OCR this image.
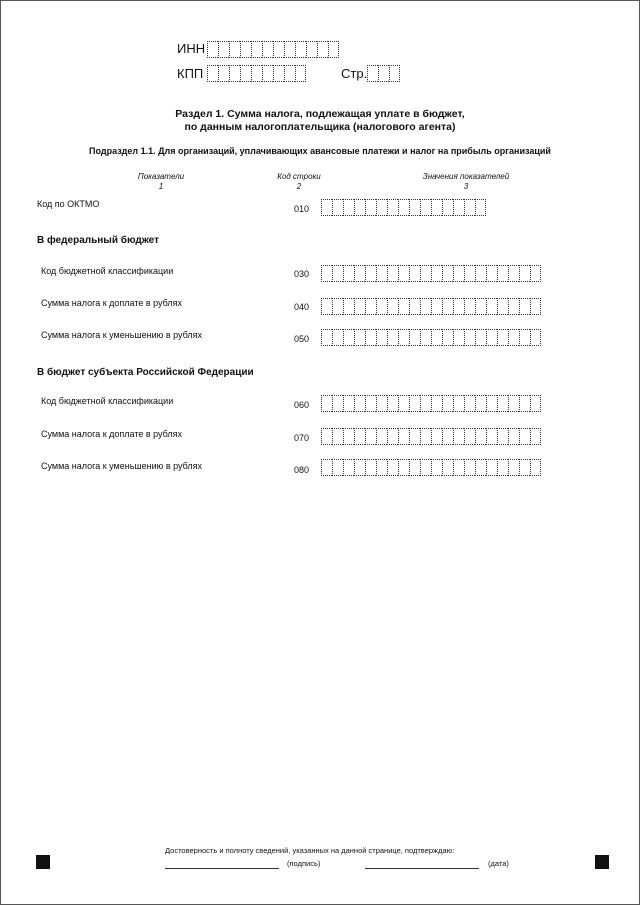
ИНН
КПП	Стр.
Раздел 1. Сумма налога, подлежащая уплате в бюджет,
по данным налогоплательщика (налогового агента)
Подраздел 1.1. Для организаций, уплачивающих авансовые платежи и налог на прибыль организаций
Показатели
1
Код строки
2
Значения показателей
3
Код по ОКТМО	010
В федеральный бюджет
Код бюджетной классификации	030
Сумма налога к доплате в рублях	040
Сумма налога к уменьшению в рублях	050
В бюджет субъекта Российской Федерации
Код бюджетной классификации	060
Сумма налога к доплате в рублях	070
Сумма налога к уменьшению в рублях	080
Достоверность и полноту сведений, указанных на данной странице, подтверждаю:
(подпись)	(дата)
